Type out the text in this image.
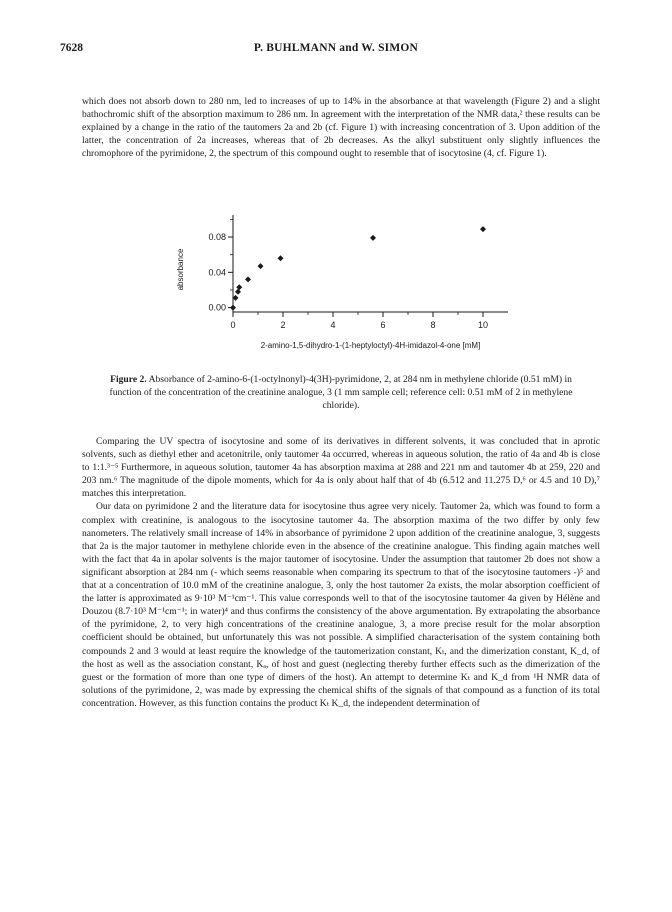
7628	P. BUHLMANN and W. SIMON

which does not absorb down to 280 nm, led to increases of up to 14% in the absorbance at that wavelength (Figure 2) and a slight bathochromic shift of the absorption maximum to 286 nm. In agreement with the interpretation of the NMR data,² these results can be explained by a change in the ratio of the tautomers 2a and 2b (cf. Figure 1) with increasing concentration of 3. Upon addition of the latter, the concentration of 2a increases, whereas that of 2b decreases. As the alkyl substituent only slightly influences the chromophore of the pyrimidone, 2, the spectrum of this compound ought to resemble that of isocytosine (4, cf. Figure 1).

0	2	4	6	8	10
0.00
0.04
0.08
2-amino-1,5-dihydro-1-(1-heptyloctyl)-4H-imidazol-4-one [mM]
absorbance

Figure 2. Absorbance of 2-amino-6-(1-octylnonyl)-4(3H)-pyrimidone, 2, at 284 nm in methylene chloride (0.51 mM) in function of the concentration of the creatinine analogue, 3 (1 mm sample cell; reference cell: 0.51 mM of 2 in methylene chloride).

Comparing the UV spectra of isocytosine and some of its derivatives in different solvents, it was concluded that in aprotic solvents, such as diethyl ether and acetonitrile, only tautomer 4a occurred, whereas in aqueous solution, the ratio of 4a and 4b is close to 1:1.³⁻⁵ Furthermore, in aqueous solution, tautomer 4a has absorption maxima at 288 and 221 nm and tautomer 4b at 259, 220 and 203 nm.⁶ The magnitude of the dipole moments, which for 4a is only about half that of 4b (6.512 and 11.275 D,⁶ or 4.5 and 10 D),⁷ matches this interpretation.

Our data on pyrimidone 2 and the literature data for isocytosine thus agree very nicely. Tautomer 2a, which was found to form a complex with creatinine, is analogous to the isocytosine tautomer 4a. The absorption maxima of the two differ by only few nanometers. The relatively small increase of 14% in absorbance of pyrimidone 2 upon addition of the creatinine analogue, 3, suggests that 2a is the major tautomer in methylene chloride even in the absence of the creatinine analogue. This finding again matches well with the fact that 4a in apolar solvents is the major tautomer of isocytosine. Under the assumption that tautomer 2b does not show a significant absorption at 284 nm (- which seems reasonable when comparing its spectrum to that of the isocytosine tautomers -)⁵ and that at a concentration of 10.0 mM of the creatinine analogue, 3, only the host tautomer 2a exists, the molar absorption coefficient of the latter is approximated as 9·10³ M⁻¹cm⁻¹. This value corresponds well to that of the isocytosine tautomer 4a given by Hélène and Douzou (8.7·10³ M⁻¹cm⁻¹; in water)⁴ and thus confirms the consistency of the above argumentation. By extrapolating the absorbance of the pyrimidone, 2, to very high concentrations of the creatinine analogue, 3, a more precise result for the molar absorption coefficient should be obtained, but unfortunately this was not possible. A simplified characterisation of the system containing both compounds 2 and 3 would at least require the knowledge of the tautomerization constant, Kₜ, and the dimerization constant, K_d, of the host as well as the association constant, Kₐ, of host and guest (neglecting thereby further effects such as the dimerization of the guest or the formation of more than one type of dimers of the host). An attempt to determine Kₜ and K_d from ¹H NMR data of solutions of the pyrimidone, 2, was made by expressing the chemical shifts of the signals of that compound as a function of its total concentration. However, as this function contains the product Kₜ K_d, the independent determination of
